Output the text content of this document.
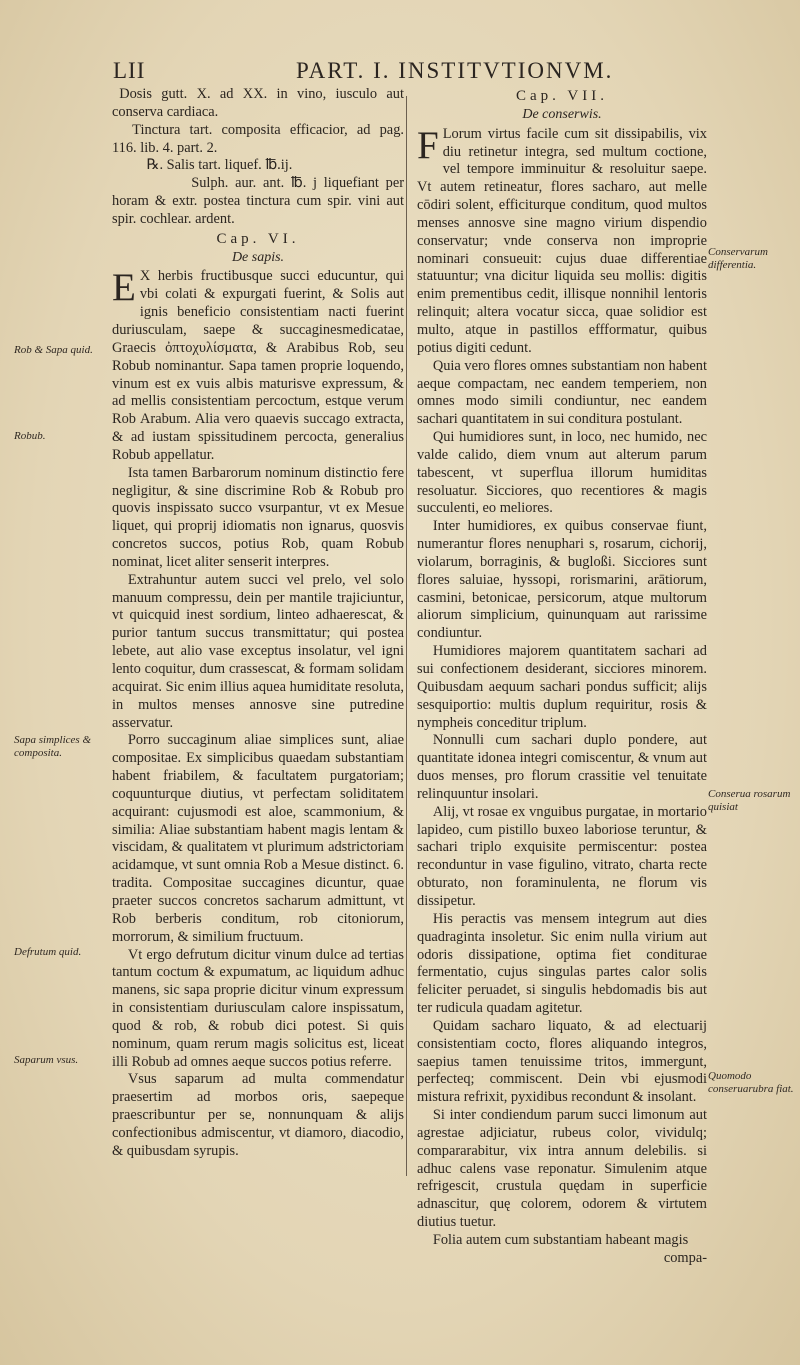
LII	PART. I. INSTITVTIONVM.

Dosis gutt. X. ad XX. in vino, iusculo aut conserva cardiaca.

Tinctura tart. composita efficacior, ad pag. 116. lib. 4. part. 2.

℞. Salis tart. liquef. ℔.ij.

Sulph. aur. ant. ℔. j liquefiant per horam & extr. postea tinctura cum spir. vini aut spir. cochlear. ardent.

Cap. VI.
De sapis.

E X herbis fructibusque succi educuntur, qui vbi colati & expurgati fuerint, & Solis aut ignis beneficio consistentiam nacti fuerint duriusculam, saepe & succaginesmedicatae, Graecis ὀπτοχυλίσματα, & Arabibus Rob, seu Robub nominantur. Sapa tamen proprie loquendo, vinum est ex vuis albis maturisve expressum, & ad mellis consistentiam percoctum, estque verum Rob Arabum. Alia vero quaevis succago extracta, & ad iustam spissitudinem percocta, generalius Robub appellatur.

Ista tamen Barbarorum nominum distinctio fere negligitur, & sine discrimine Rob & Robub pro quovis inspissato succo vsurpantur, vt ex Mesue liquet, qui proprij idiomatis non ignarus, quosvis concretos succos, potius Rob, quam Robub nominat, licet aliter senserit interpres.

Extrahuntur autem succi vel prelo, vel solo manuum compressu, dein per mantile trajiciuntur, vt quicquid inest sordium, linteo adhaerescat, & purior tantum succus transmittatur; qui postea lebete, aut alio vase exceptus insolatur, vel igni lento coquitur, dum crassescat, & formam solidam acquirat. Sic enim illius aquea humiditate resoluta, in multos menses annosve sine putredine asservatur.

Porro succaginum aliae simplices sunt, aliae compositae. Ex simplicibus quaedam substantiam habent friabilem, & facultatem purgatoriam; coquunturque diutius, vt perfectam soliditatem acquirant: cujusmodi est aloe, scammonium, & similia: Aliae substantiam habent magis lentam & viscidam, & qualitatem vt plurimum adstrictoriam acidamque, vt sunt omnia Rob a Mesue distinct. 6. tradita. Compositae succagines dicuntur, quae praeter succos concretos sacharum admittunt, vt Rob berberis conditum, rob citoniorum, morrorum, & similium fructuum.

Vt ergo defrutum dicitur vinum dulce ad tertias tantum coctum & expumatum, ac liquidum adhuc manens, sic sapa proprie dicitur vinum expressum in consistentiam duriusculam calore inspissatum, quod & rob, & robub dici potest. Si quis nominum, quam rerum magis solicitus est, liceat illi Robub ad omnes aeque succos potius referre.

Vsus saparum ad multa commendatur praesertim ad morbos oris, saepeque praescribuntur per se, nonnunquam & alijs confectionibus admiscentur, vt diamoro, diacodio, & quibusdam syrupis.

Cap. VII.
De conserwis.

F Lorum virtus facile cum sit dissipabilis, vix diu retinetur integra, sed multum coctione, vel tempore imminuitur & resoluitur saepe. Vt autem retineatur, flores sacharo, aut melle cōdiri solent, efficiturque conditum, quod multos menses annosve sine magno virium dispendio conservatur; vnde conserva non improprie nominari consueuit: cujus duae differentiae statuuntur; vna dicitur liquida seu mollis: digitis enim prementibus cedit, illisque nonnihil lentoris relinquit; altera vocatur sicca, quae solidior est multo, atque in pastillos effformatur, quibus potius digiti cedunt.

Quia vero flores omnes substantiam non habent aeque compactam, nec eandem temperiem, non omnes modo simili condiuntur, nec eandem sachari quantitatem in sui conditura postulant.

Qui humidiores sunt, in loco, nec humido, nec valde calido, diem vnum aut alterum parum tabescent, vt superflua illorum humiditas resoluatur. Sicciores, quo recentiores & magis succulenti, eo meliores.

Inter humidiores, ex quibus conservae fiunt, numerantur flores nenuphari s, rosarum, cichorij, violarum, borraginis, & bugloßi. Sicciores sunt flores saluiae, hyssopi, rorismarini, arātiorum, casmini, betonicae, persicorum, atque multorum aliorum simplicium, quinunquam aut rarissime condiuntur.

Humidiores majorem quantitatem sachari ad sui confectionem desiderant, sicciores minorem. Quibusdam aequum sachari pondus sufficit; alijs sesquiportio: multis duplum requiritur, rosis & nympheis conceditur triplum.

Nonnulli cum sachari duplo pondere, aut quantitate idonea integri comiscentur, & vnum aut duos menses, pro florum crassitie vel tenuitate relinquuntur insolari.

Alij, vt rosae ex vnguibus purgatae, in mortario lapideo, cum pistillo buxeo laboriose teruntur, & sachari triplo exquisite permiscentur: postea reconduntur in vase figulino, vitrato, charta recte obturato, non foraminulenta, ne florum vis dissipetur.

His peractis vas mensem integrum aut dies quadraginta insoletur. Sic enim nulla virium aut odoris dissipatione, optima fiet conditurae fermentatio, cujus singulas partes calor solis feliciter peruadet, si singulis hebdomadis bis aut ter rudicula quadam agitetur.

Quidam sacharo liquato, & ad electuarij consistentiam cocto, flores aliquando integros, saepius tamen tenuissime tritos, immergunt, perfecteq; commiscent. Dein vbi ejusmodi mistura refrixit, pyxidibus recondunt & insolant.

Si inter condiendum parum succi limonum aut agrestae adjiciatur, rubeus color, vividulq; compararabitur, vix intra annum delebilis. si adhuc calens vase reponatur. Simulenim atque refrigescit, crustula quędam in superficie adnascitur, quę colorem, odorem & virtutem diutius tuetur.

Folia autem cum substantiam habeant magis

compa-

Rob & Sapa quid.
Robub.
Sapa simplices & composita.
Defrutum quid.
Saparum vsus.
Conservarum differentia.
Conserua rosarum quisiat
Quomodo conseruarubra fiat.
